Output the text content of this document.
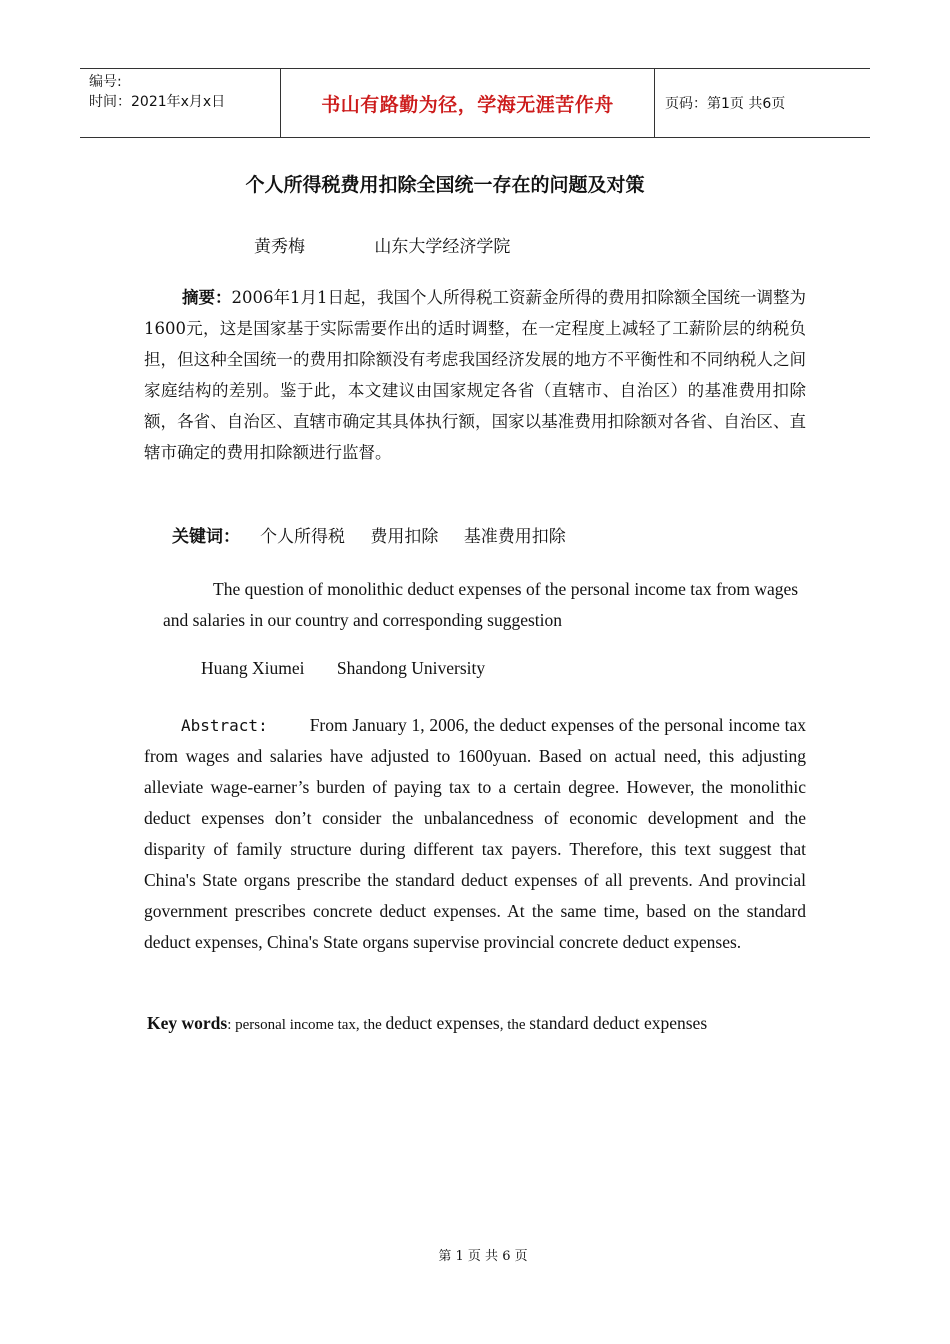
编号:
时间：2021年x月x日	书山有路勤为径，学海无涯苦作舟	页码：第1页 共6页
个人所得税费用扣除全国统一存在的问题及对策
黄秀梅	山东大学经济学院
摘要：2006年1月1日起，我国个人所得税工资薪金所得的费用扣除额全国统一调整为1600元，这是国家基于实际需要作出的适时调整，在一定程度上减轻了工薪阶层的纳税负担，但这种全国统一的费用扣除额没有考虑我国经济发展的地方不平衡性和不同纳税人之间家庭结构的差别。鉴于此，本文建议由国家规定各省（直辖市、自治区）的基准费用扣除额，各省、自治区、直辖市确定其具体执行额，国家以基准费用扣除额对各省、自治区、直辖市确定的费用扣除额进行监督。
关键词： 个人所得税 费用扣除 基准费用扣除
The question of monolithic deduct expenses of the personal income tax from wages and salaries in our country and corresponding suggestion
Huang Xiumei Shandong University
Abstract: From January 1, 2006, the deduct expenses of the personal income tax from wages and salaries have adjusted to 1600yuan. Based on actual need, this adjusting alleviate wage-earner’s burden of paying tax to a certain degree. However, the monolithic deduct expenses don’t consider the unbalancedness of economic development and the disparity of family structure during different tax payers. Therefore, this text suggest that China's State organs prescribe the standard deduct expenses of all prevents. And provincial government prescribes concrete deduct expenses. At the same time, based on the standard deduct expenses, China's State organs supervise provincial concrete deduct expenses.
Key words: personal income tax, the deduct expenses, the standard deduct expenses
第 1 页 共 6 页
